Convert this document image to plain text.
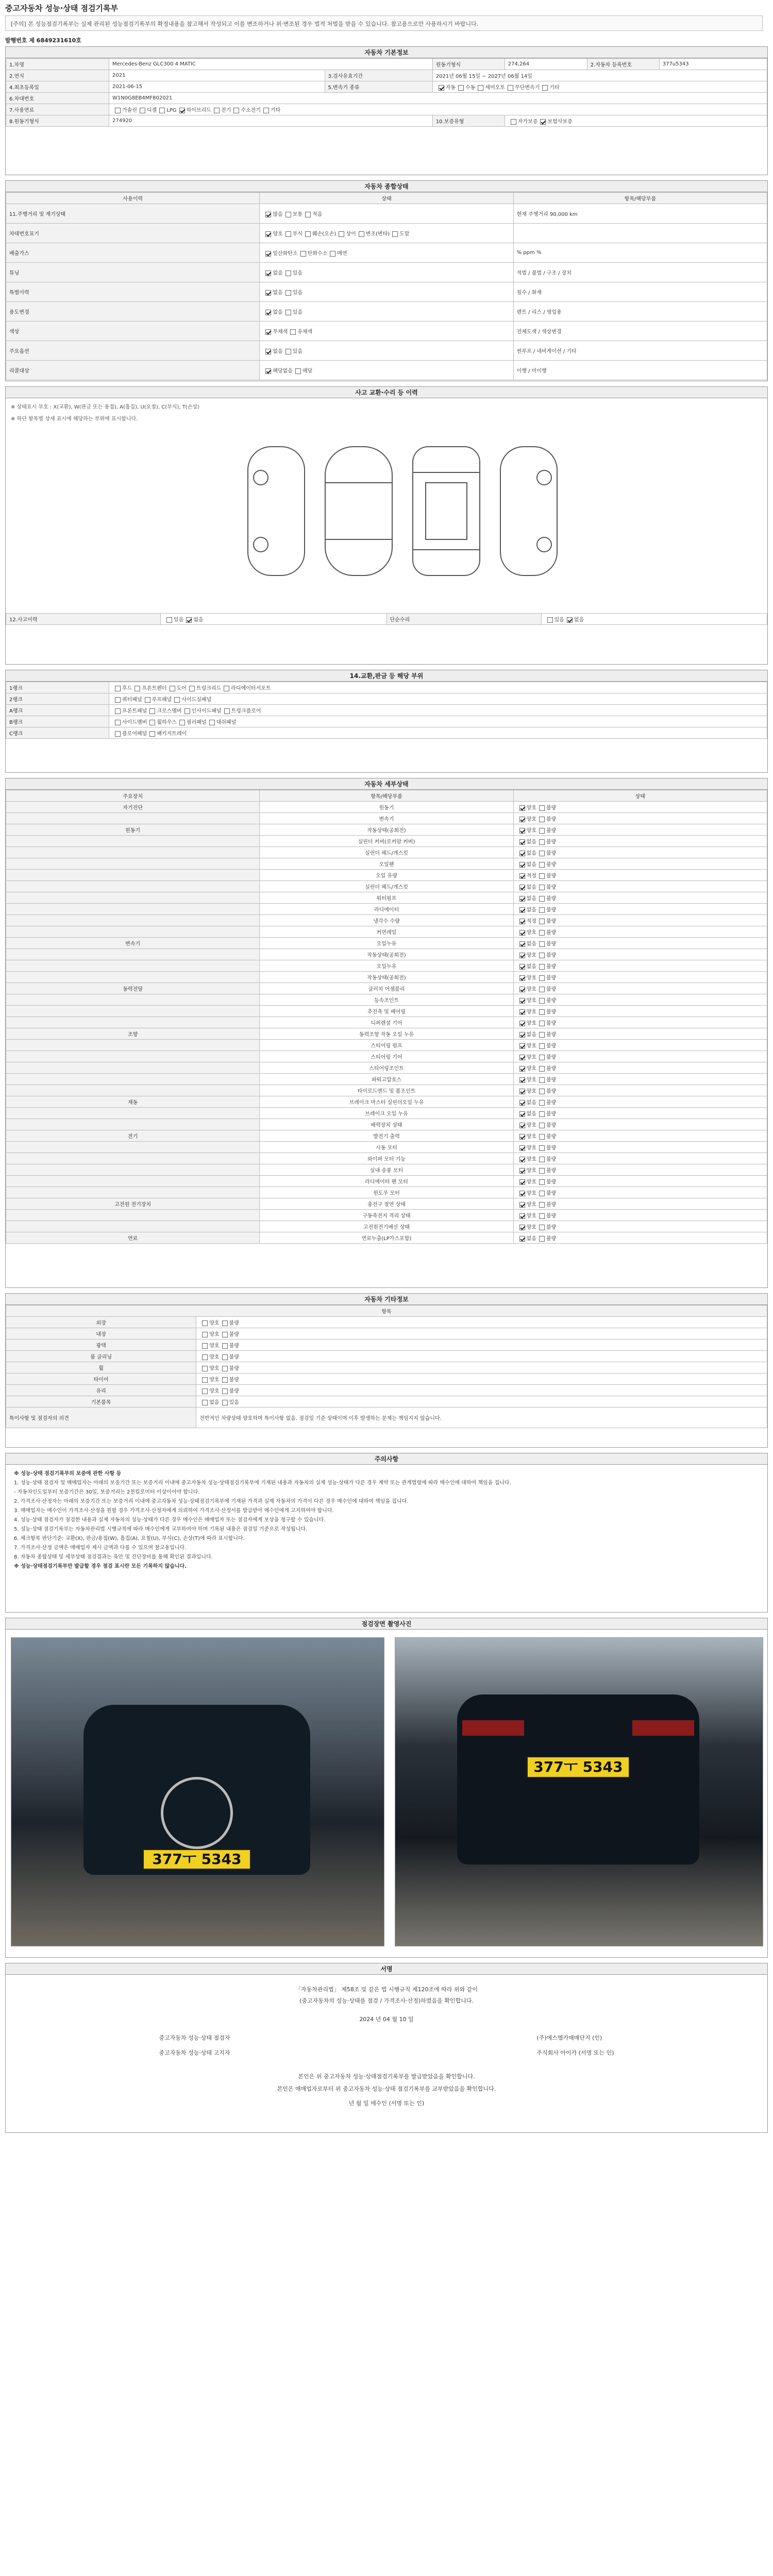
중고자동차 성능·상태 점검기록부
[주의] 본 성능점검기록부는 실제 관리된 성능점검기록부의 확정내용을 참고해서 작성되고 이를 변조하거나 위·변조된 경우 법적 처벌을 받을 수 있습니다. 참고용으로만 사용하시기 바랍니다.
발행번호 제 6849231610호
자동차 기본정보
1.차명	Mercedes-Benz GLC300 4 MATIC		원동기형식	274,264	2.자동차 등록번호	377u5343
2.연식	2021	3.검사유효기간	2021년 06월 15일 ~ 2027년 06월 14일			
4.최초등록일	2021-06-15	5.변속기 종류	자동 수동 세미오토 무단변속기 기타			
6.차대번호	W1N0G8EB4MF802021					
7.사용연료	가솔린 디젤 LPG 하이브리드 전기 수소전기 기타					
8.원동기형식	274920		10.보증유형	자가보증 보험사보증		
자동차 종합상태
사용이력	상태	항목/해당부품
11.주행거리 및 계기상태	많음 보통 적음	현재 주행거리 90,000 km
차대번호표기	양호 부식 훼손(오손) 상이 변조(변타) 도말	
배출가스	일산화탄소 탄화수소 매연	% ppm %
튜닝	없음 있음	적법 / 불법 / 구조 / 장치
특별이력	없음 있음	침수 / 화재
용도변경	없음 있음	렌트 / 리스 / 영업용
색상	무채색 유채색	전체도색 / 색상변경
주요옵션	없음 있음	썬루프 / 네비게이션 / 기타
리콜대상	해당없음 해당	이행 / 미이행
사고 교환·수리 등 이력
※ 상태표시 부호 : X(교환), W(판금 또는 용접), A(흠집), U(요철), C(부식), T(손상)
※ 하단 항목별 상세 표시에 해당하는 부위에 표시합니다.
12.사고이력	있음 없음	단순수리	있음 없음
14.교환,판금 등 해당 부위
1랭크	후드 프론트펜더 도어 트렁크리드 라디에이터서포트
2랭크	쿼터패널 루프패널 사이드실패널
A랭크	프론트패널 크로스멤버 인사이드패널 트렁크플로어
B랭크	사이드멤버 휠하우스 필러패널 대쉬패널
C랭크	플로어패널 패키지트레이
자동차 세부상태
주요장치	항목/해당부품	상태
자기진단	원동기	양호 불량
	변속기	양호 불량
원동기	작동상태(공회전)	양호 불량
	실린더 커버(로커암 커버)	없음 불량
	실린더 헤드/개스킷	없음 불량
	오일팬	없음 불량
	오일 유량	적정 불량
	실린더 헤드/개스킷	없음 불량
	워터펌프	없음 불량
	라디에이터	없음 불량
	냉각수 수량	적정 불량
	커먼레일	양호 불량
변속기	오일누유	없음 불량
	작동상태(공회전)	양호 불량
	오일누유	없음 불량
	작동상태(공회전)	양호 불량
동력전달	클러치 어셈블리	양호 불량
	등속조인트	양호 불량
	추진축 및 베어링	양호 불량
	디퍼렌셜 기어	양호 불량
조향	동력조향 작동 오일 누유	없음 불량
	스티어링 펌프	양호 불량
	스티어링 기어	양호 불량
	스티어링조인트	양호 불량
	파워고압호스	양호 불량
	타이로드엔드 및 볼조인트	양호 불량
제동	브레이크 마스터 실린더오일 누유	없음 불량
	브레이크 오일 누유	없음 불량
	배력장치 상태	양호 불량
전기	발전기 출력	양호 불량
	시동 모터	양호 불량
	와이퍼 모터 기능	양호 불량
	실내 송풍 모터	양호 불량
	라디에이터 팬 모터	양호 불량
	윈도우 모터	양호 불량
고전원 전기장치	충전구 절연 상태	양호 불량
	구동축전지 격리 상태	양호 불량
	고전원전기배선 상태	양호 불량
연료	연료누출(LP가스포함)	없음 불량
자동차 기타정보
항목	
외장	양호 불량
내장	양호 불량
광택	양호 불량
룸 클리닝	양호 불량
휠	양호 불량
타이어	양호 불량
유리	양호 불량
기본품목	없음 있음
특이사항 및 점검자의 의견	전반적인 차량상태 양호하며 특이사항 없음. 점검일 기준 상태이며 이후 발생하는 문제는 책임지지 않습니다.
주의사항

※ 성능·상태 점검기록부의 보증에 관한 사항 등

1. 성능·상태 점검자 및 매매업자는 아래의 보증기간 또는 보증거리 이내에 중고자동차 성능·상태점검기록부에 기재된 내용과 자동차의 실제 성능·상태가 다른 경우 계약 또는 관계법령에 따라 매수인에 대하여 책임을 집니다.

- 자동차인도일부터 보증기간은 30일, 보증거리는 2천킬로미터 이상이어야 합니다.

2. 가격조사·산정자는 아래의 보증기간 또는 보증거리 이내에 중고자동차 성능·상태점검기록부에 기재된 가격과 실제 자동차의 가격이 다른 경우 매수인에 대하여 책임을 집니다.

3. 매매업자는 매수인이 가격조사·산정을 원할 경우 가격조사·산정자에게 의뢰하여 가격조사·산정서를 발급받아 매수인에게 고지하여야 합니다.

4. 성능·상태 점검자가 점검한 내용과 실제 자동차의 성능·상태가 다른 경우 매수인은 매매업자 또는 점검자에게 보상을 청구할 수 있습니다.

5. 성능·상태 점검기록부는 자동차관리법 시행규칙에 따라 매수인에게 교부하여야 하며 기록된 내용은 점검일 기준으로 작성됩니다.

6. 체크항목 판단기준: 교환(X), 판금/용접(W), 흠집(A), 요철(U), 부식(C), 손상(T)에 따라 표시합니다.

7. 가격조사·산정 금액은 매매업자 제시 금액과 다를 수 있으며 참고용입니다.

8. 자동차 종합상태 및 세부상태 점검결과는 육안 및 진단장비를 통해 확인된 결과입니다.

※ 성능·상태점검기록부만 발급할 경우 점검 표시란 모든 기록하지 않습니다.

점검장면 촬영사진
377ㅜ 5343
377ㅜ 5343
서명
「자동차관리법」 제58조 및 같은 법 시행규칙 제120조에 따라 위와 같이
(중고자동차의 성능·상태를 점검 / 가격조사·산정)하였음을 확인합니다.
2024 년 04 월 10 일
중고자동차 성능·상태 점검자

중고자동차 성능·상태 고지자
(주)에스엠카매매단지 (인)

주식회사 아이카 (서명 또는 인)
본인은 위 중고자동차 성능·상태점검기록부를 발급받았음을 확인합니다.
본인은 매매업자로부터 위 중고자동차 성능·상태 점검기록부를 교부받았음을 확인합니다.
년 월 일 매수인 (서명 또는 인)
